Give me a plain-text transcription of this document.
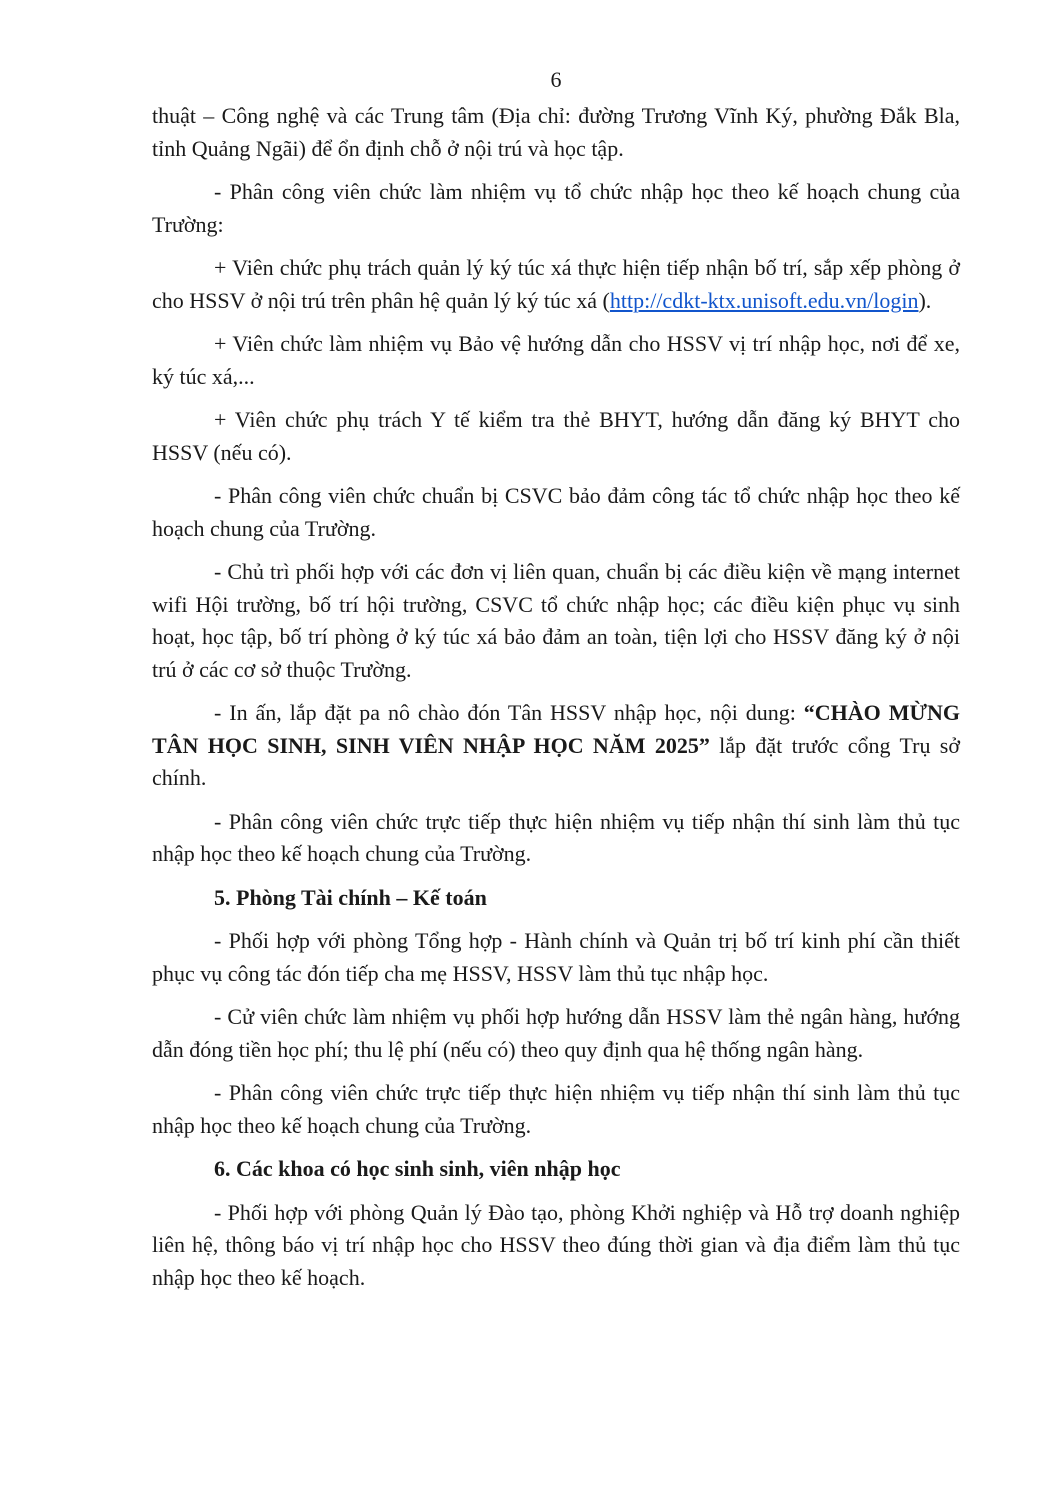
6

thuật – Công nghệ và các Trung tâm (Địa chỉ: đường Trương Vĩnh Ký, phường Đắk Bla, tỉnh Quảng Ngãi) để ổn định chỗ ở nội trú và học tập.

- Phân công viên chức làm nhiệm vụ tổ chức nhập học theo kế hoạch chung của Trường:

+ Viên chức phụ trách quản lý ký túc xá thực hiện tiếp nhận bố trí, sắp xếp phòng ở cho HSSV ở nội trú trên phân hệ quản lý ký túc xá (http://cdkt-ktx.unisoft.edu.vn/login).

+ Viên chức làm nhiệm vụ Bảo vệ hướng dẫn cho HSSV vị trí nhập học, nơi để xe, ký túc xá,...

+ Viên chức phụ trách Y tế kiểm tra thẻ BHYT, hướng dẫn đăng ký BHYT cho HSSV (nếu có).

- Phân công viên chức chuẩn bị CSVC bảo đảm công tác tổ chức nhập học theo kế hoạch chung của Trường.

- Chủ trì phối hợp với các đơn vị liên quan, chuẩn bị các điều kiện về mạng internet wifi Hội trường, bố trí hội trường, CSVC tổ chức nhập học; các điều kiện phục vụ sinh hoạt, học tập, bố trí phòng ở ký túc xá bảo đảm an toàn, tiện lợi cho HSSV đăng ký ở nội trú ở các cơ sở thuộc Trường.

- In ấn, lắp đặt pa nô chào đón Tân HSSV nhập học, nội dung: “CHÀO MỪNG TÂN HỌC SINH, SINH VIÊN NHẬP HỌC NĂM 2025” lắp đặt trước cổng Trụ sở chính.

- Phân công viên chức trực tiếp thực hiện nhiệm vụ tiếp nhận thí sinh làm thủ tục nhập học theo kế hoạch chung của Trường.

5. Phòng Tài chính – Kế toán

- Phối hợp với phòng Tổng hợp - Hành chính và Quản trị bố trí kinh phí cần thiết phục vụ công tác đón tiếp cha mẹ HSSV, HSSV làm thủ tục nhập học.

- Cử viên chức làm nhiệm vụ phối hợp hướng dẫn HSSV làm thẻ ngân hàng, hướng dẫn đóng tiền học phí; thu lệ phí (nếu có) theo quy định qua hệ thống ngân hàng.

- Phân công viên chức trực tiếp thực hiện nhiệm vụ tiếp nhận thí sinh làm thủ tục nhập học theo kế hoạch chung của Trường.

6. Các khoa có học sinh sinh, viên nhập học

- Phối hợp với phòng Quản lý Đào tạo, phòng Khởi nghiệp và Hỗ trợ doanh nghiệp liên hệ, thông báo vị trí nhập học cho HSSV theo đúng thời gian và địa điểm làm thủ tục nhập học theo kế hoạch.
